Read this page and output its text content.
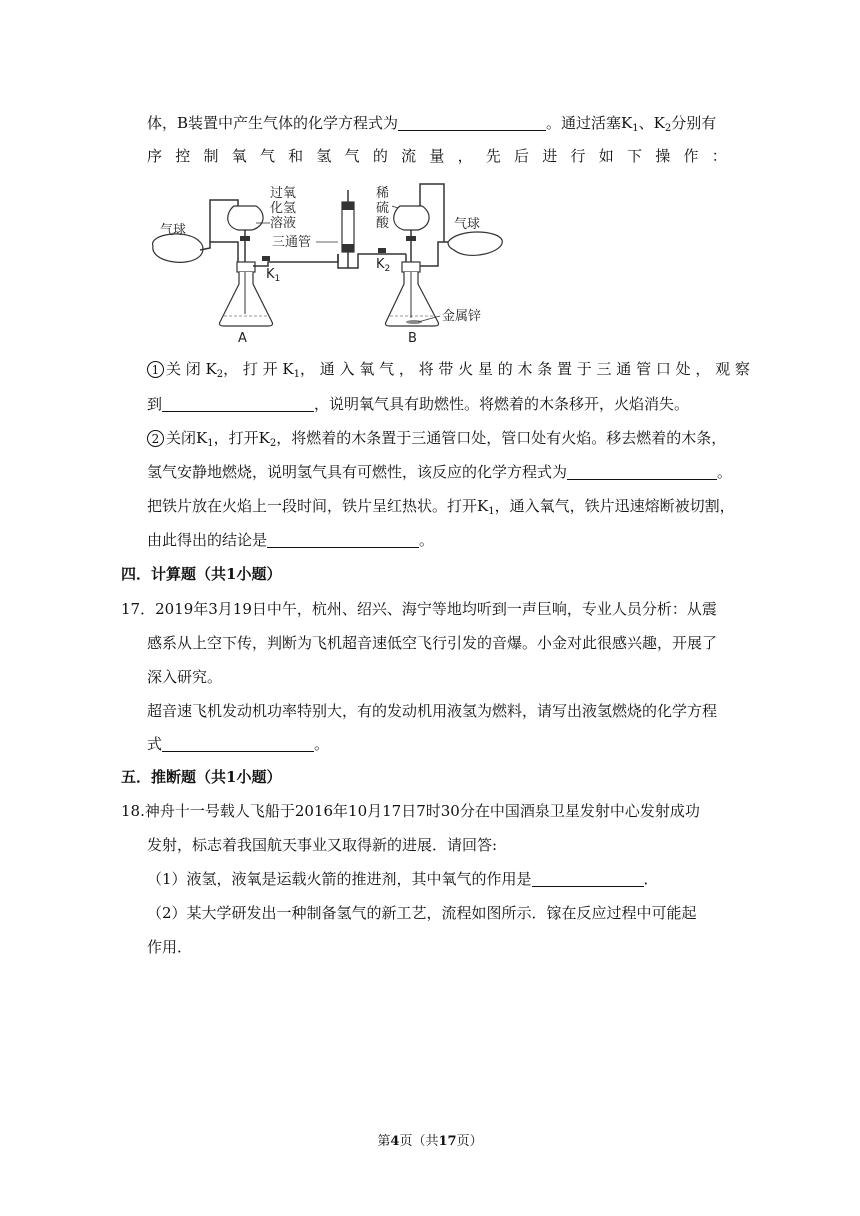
体，B装置中产生气体的化学方程式为	。通过活塞$K_1$、$K_2$分别有
序 控 制 氧 气 和 氢 气 的 流 量 ， 先 后 进 行 如 下 操 作 ：
气球
$K_1$
过氧
化氢
溶液
三通管
A
$K_2$
稀
硫
酸
B
金属锌
气球
1 关 闭 $K_2$， 打 开 $K_1$， 通 入 氧 气 ， 将 带 火 星 的 木 条 置 于 三 通 管 口 处 ， 观 察
到	，说明氧气具有助燃性。将燃着的木条移开，火焰消失。
2 关闭$K_1$，打开$K_2$，将燃着的木条置于三通管口处，管口处有火焰。移去燃着的木条，
氢气安静地燃烧，说明氢气具有可燃性，该反应的化学方程式为	。
把铁片放在火焰上一段时间，铁片呈红热状。打开$K_1$，通入氧气，铁片迅速熔断被切割，
由此得出的结论是	。
四．计算题（共1小题）
17．2019年3月19日中午，杭州、绍兴、海宁等地均听到一声巨响，专业人员分析：从震
感系从上空下传，判断为飞机超音速低空飞行引发的音爆。小金对此很感兴趣，开展了
深入研究。
超音速飞机发动机功率特别大，有的发动机用液氢为燃料，请写出液氢燃烧的化学方程
式	。
五．推断题（共1小题）
18.神舟十一号载人飞船于2016年10月17日7时30分在中国酒泉卫星发射中心发射成功
发射，标志着我国航天事业又取得新的进展．请回答:
（1）液氢，液氧是运载火箭的推进剂，其中氧气的作用是	．
（2）某大学研发出一种制备氢气的新工艺，流程如图所示．镓在反应过程中可能起
作用．
第4页（共17页）
